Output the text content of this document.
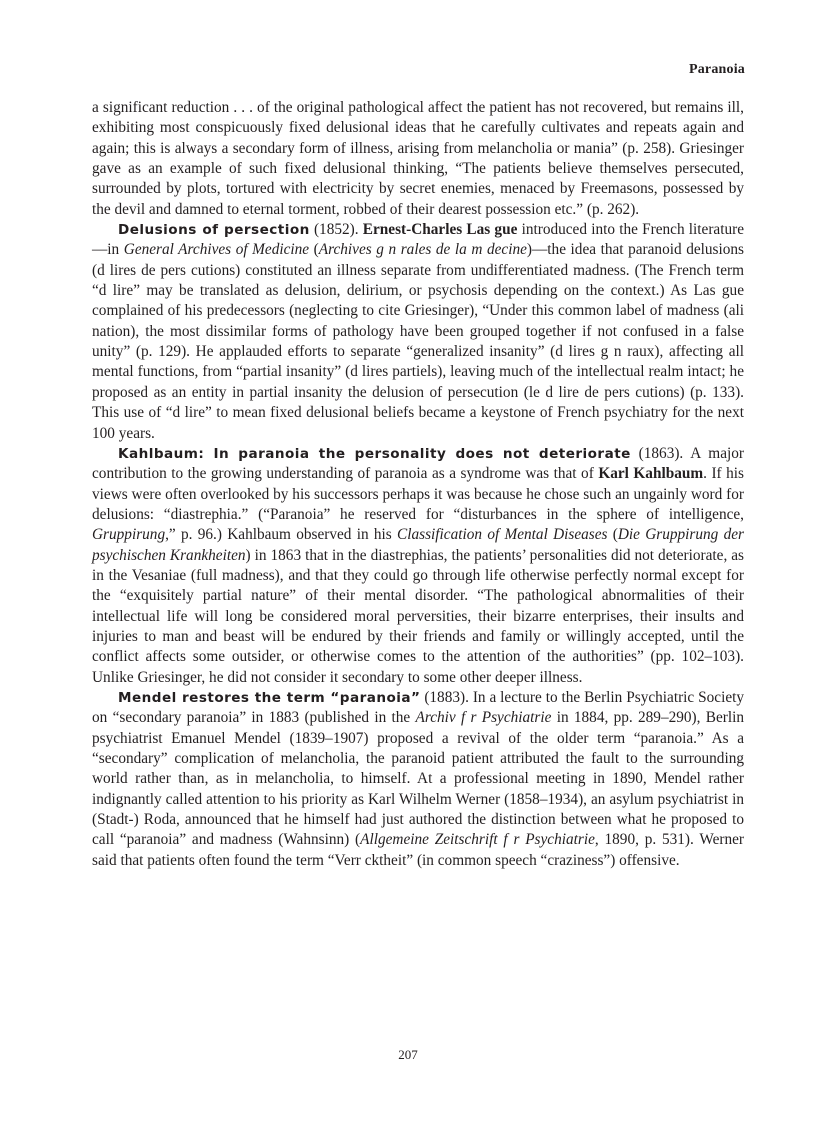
Paranoia

a significant reduction . . . of the original pathological affect the patient has not recovered, but remains ill, exhibiting most conspicuously fixed delusional ideas that he carefully cultivates and repeats again and again; this is always a secondary form of illness, arising from melancholia or mania” (p. 258). Griesinger gave as an example of such fixed delusional thinking, “The patients believe themselves persecuted, surrounded by plots, tortured with electricity by secret enemies, menaced by Freemasons, possessed by the devil and damned to eternal torment, robbed of their dearest possession etc.” (p. 262).

Delusions of persection (1852). Ernest-Charles Las gue introduced into the French literature—in General Archives of Medicine (Archives g n rales de la m decine)—the idea that paranoid delusions (d lires de pers cutions) constituted an illness separate from undifferentiated madness. (The French term “d lire” may be translated as delusion, delirium, or psychosis depending on the context.) As Las gue complained of his predecessors (neglecting to cite Griesinger), “Under this common label of madness (ali nation), the most dissimilar forms of pathology have been grouped together if not confused in a false unity” (p. 129). He applauded efforts to separate “generalized insanity” (d lires g n raux), affecting all mental functions, from “partial insanity” (d lires partiels), leaving much of the intellectual realm intact; he proposed as an entity in partial insanity the delusion of persecution (le d lire de pers cutions) (p. 133). This use of “d lire” to mean fixed delusional beliefs became a keystone of French psychiatry for the next 100 years.

Kahlbaum: In paranoia the personality does not deteriorate (1863). A major contribution to the growing understanding of paranoia as a syndrome was that of Karl Kahlbaum. If his views were often overlooked by his successors perhaps it was because he chose such an ungainly word for delusions: “diastrephia.” (“Paranoia” he reserved for “disturbances in the sphere of intelligence, Gruppirung,” p. 96.) Kahlbaum observed in his Classification of Mental Diseases (Die Gruppirung der psychischen Krankheiten) in 1863 that in the diastrephias, the patients’ personalities did not deteriorate, as in the Vesaniae (full madness), and that they could go through life otherwise perfectly normal except for the “exquisitely partial nature” of their mental disorder. “The pathological abnormalities of their intellectual life will long be considered moral perversities, their bizarre enterprises, their insults and injuries to man and beast will be endured by their friends and family or willingly accepted, until the conflict affects some outsider, or otherwise comes to the attention of the authorities” (pp. 102–103). Unlike Griesinger, he did not consider it secondary to some other deeper illness.

Mendel restores the term “paranoia” (1883). In a lecture to the Berlin Psychiatric Society on “secondary paranoia” in 1883 (published in the Archiv f r Psychiatrie in 1884, pp. 289–290), Berlin psychiatrist Emanuel Mendel (1839–1907) proposed a revival of the older term “paranoia.” As a “secondary” complication of melancholia, the paranoid patient attributed the fault to the surrounding world rather than, as in melancholia, to himself. At a professional meeting in 1890, Mendel rather indignantly called attention to his priority as Karl Wilhelm Werner (1858–1934), an asylum psychiatrist in (Stadt-) Roda, announced that he himself had just authored the distinction between what he proposed to call “paranoia” and madness (Wahnsinn) (Allgemeine Zeitschrift f r Psychiatrie, 1890, p. 531). Werner said that patients often found the term “Verr cktheit” (in common speech “craziness”) offensive.

207
